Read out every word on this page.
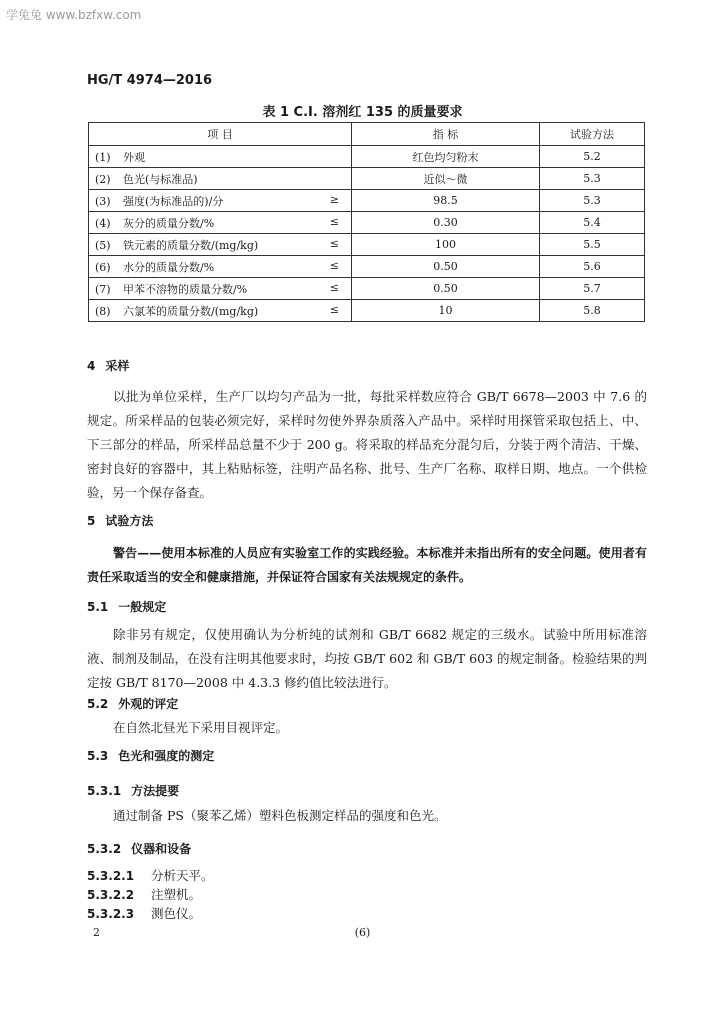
学兔兔 www.bzfxw.com
HG/T 4974—2016
表 1 C.I. 溶剂红 135 的质量要求
项 目	指 标	试验方法
(1) 外观	红色均匀粉末	5.2
(2) 色光(与标准品)	近似～微	5.3
(3) 强度(为标准品的)/分 ≥	98.5	5.3
(4) 灰分的质量分数/% ≤	0.30	5.4
(5) 铁元素的质量分数/(mg/kg) ≤	100	5.5
(6) 水分的质量分数/% ≤	0.50	5.6
(7) 甲苯不溶物的质量分数/% ≤	0.50	5.7
(8) 六氯苯的质量分数/(mg/kg) ≤	10	5.8
4 采样
以批为单位采样，生产厂以均匀产品为一批，每批采样数应符合 GB/T 6678—2003 中 7.6 的规定。所采样品的包装必须完好，采样时勿使外界杂质落入产品中。采样时用探管采取包括上、中、下三部分的样品，所采样品总量不少于 200 g。将采取的样品充分混匀后，分装于两个清洁、干燥、密封良好的容器中，其上粘贴标签，注明产品名称、批号、生产厂名称、取样日期、地点。一个供检验，另一个保存备查。
5 试验方法
警告——使用本标准的人员应有实验室工作的实践经验。本标准并未指出所有的安全问题。使用者有责任采取适当的安全和健康措施，并保证符合国家有关法规规定的条件。
5.1 一般规定
除非另有规定，仅使用确认为分析纯的试剂和 GB/T 6682 规定的三级水。试验中所用标准溶液、制剂及制品，在没有注明其他要求时，均按 GB/T 602 和 GB/T 603 的规定制备。检验结果的判定按 GB/T 8170—2008 中 4.3.3 修约值比较法进行。
5.2 外观的评定
在自然北昼光下采用目视评定。
5.3 色光和强度的测定
5.3.1 方法提要
通过制备 PS（聚苯乙烯）塑料色板测定样品的强度和色光。
5.3.2 仪器和设备
5.3.2.1 分析天平。
5.3.2.2 注塑机。
5.3.2.3 测色仪。
2	(6)
